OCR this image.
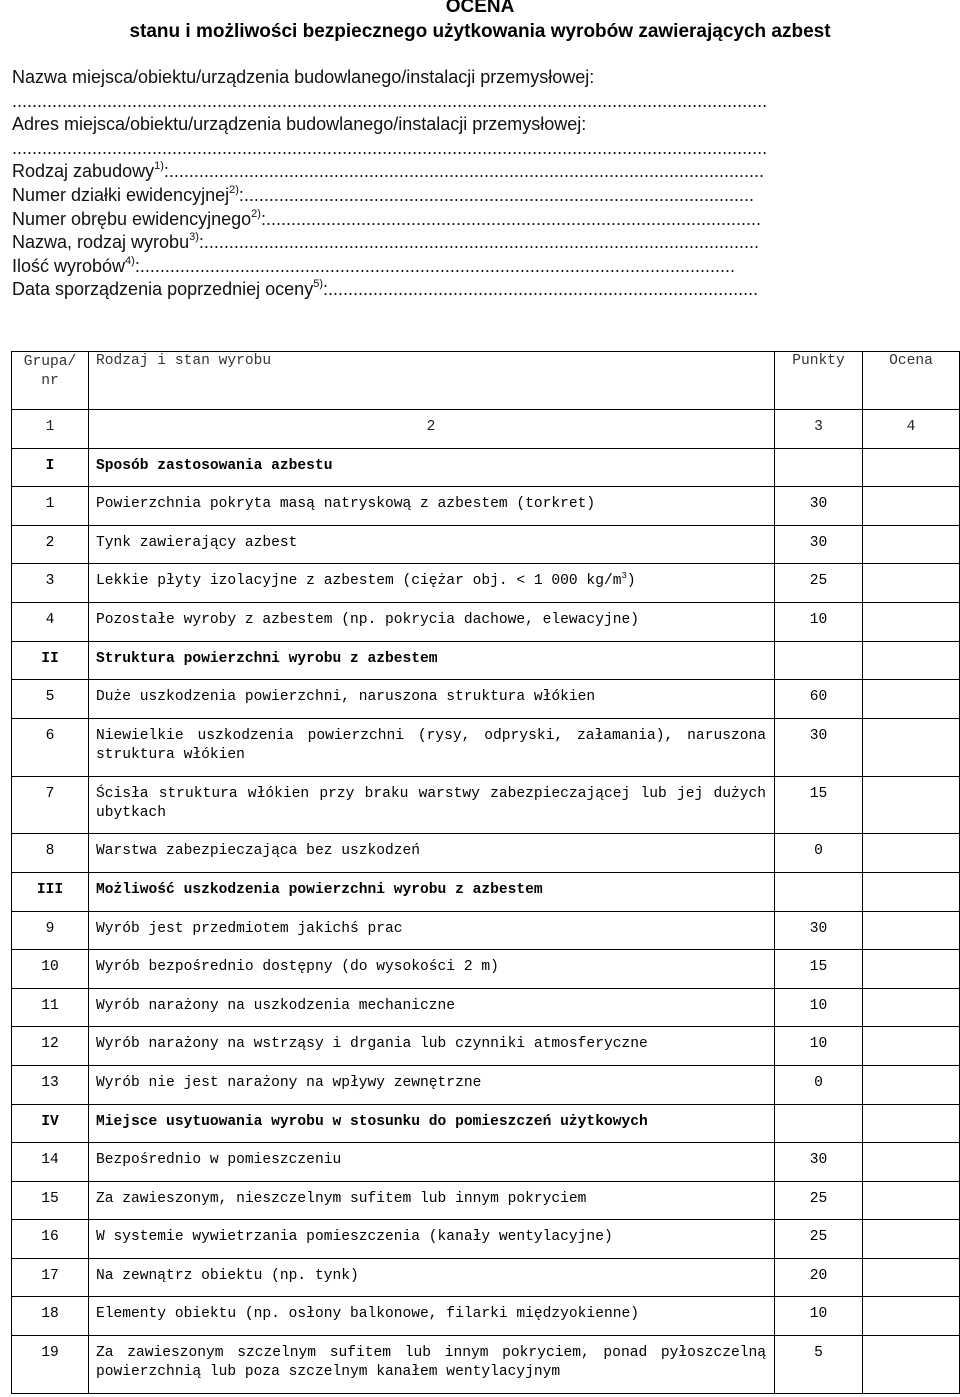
OCENA
stanu i możliwości bezpiecznego użytkowania wyrobów zawierających azbest
Nazwa miejsca/obiektu/urządzenia budowlanego/instalacji przemysłowej:
.......................................................................................................................................................
Adres miejsca/obiektu/urządzenia budowlanego/instalacji przemysłowej:
.......................................................................................................................................................
Rodzaj zabudowy$^{1)}$:.......................................................................................................................
Numer działki ewidencyjnej$^{2)}$:......................................................................................................
Numer obrębu ewidencyjnego$^{2)}$:...................................................................................................
Nazwa, rodzaj wyrobu$^{3)}$:...............................................................................................................
Ilość wyrobów$^{4)}$:.......................................................................................................................
Data sporządzenia poprzedniej oceny$^{5)}$:......................................................................................
Grupa/ nr	Rodzaj i stan wyrobu	Punkty	Ocena
1	2	3	4
I	Sposób zastosowania azbestu		
1	Powierzchnia pokryta masą natryskową z azbestem (torkret)	30	
2	Tynk zawierający azbest	30	
3	Lekkie płyty izolacyjne z azbestem (ciężar obj. < 1 000 $kg/m^3$)	25	
4	Pozostałe wyroby z azbestem (np. pokrycia dachowe, elewacyjne)	10	
II	Struktura powierzchni wyrobu z azbestem		
5	Duże uszkodzenia powierzchni, naruszona struktura włókien	60	
6	Niewielkie uszkodzenia powierzchni (rysy, odpryski, załamania), naruszona struktura włókien	30	
7	Ścisła struktura włókien przy braku warstwy zabezpieczającej lub jej dużych ubytkach	15	
8	Warstwa zabezpieczająca bez uszkodzeń	0	
III	Możliwość uszkodzenia powierzchni wyrobu z azbestem		
9	Wyrób jest przedmiotem jakichś prac	30	
10	Wyrób bezpośrednio dostępny (do wysokości 2 m)	15	
11	Wyrób narażony na uszkodzenia mechaniczne	10	
12	Wyrób narażony na wstrząsy i drgania lub czynniki atmosferyczne	10	
13	Wyrób nie jest narażony na wpływy zewnętrzne	0	
IV	Miejsce usytuowania wyrobu w stosunku do pomieszczeń użytkowych		
14	Bezpośrednio w pomieszczeniu	30	
15	Za zawieszonym, nieszczelnym sufitem lub innym pokryciem	25	
16	W systemie wywietrzania pomieszczenia (kanały wentylacyjne)	25	
17	Na zewnątrz obiektu (np. tynk)	20	
18	Elementy obiektu (np. osłony balkonowe, filarki międzyokienne)	10	
19	Za zawieszonym szczelnym sufitem lub innym pokryciem, ponad pyłoszczelną powierzchnią lub poza szczelnym kanałem wentylacyjnym	5	
